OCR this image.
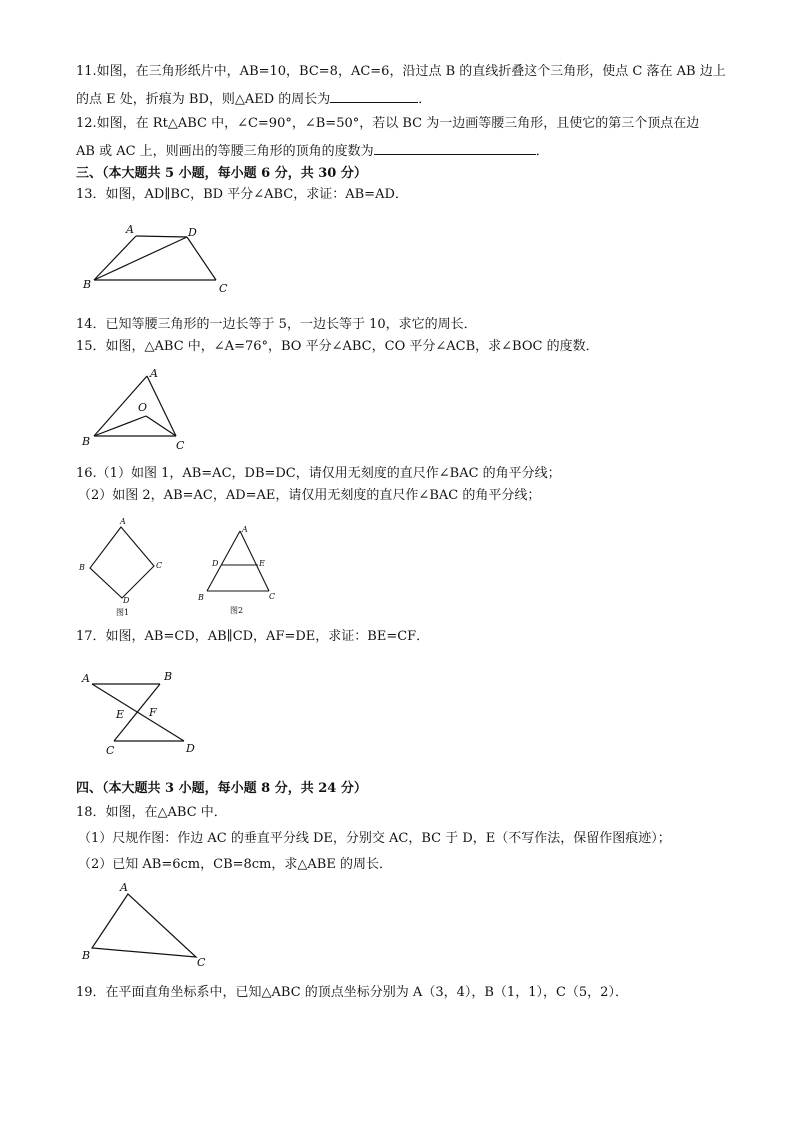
11.如图，在三角形纸片中，AB=10，BC=8，AC=6，沿过点 B 的直线折叠这个三角形，使点 C 落在 AB 边上
的点 E 处，折痕为 BD，则△AED 的周长为	．
12.如图，在 Rt△ABC 中，∠C=90°，∠B=50°，若以 BC 为一边画等腰三角形，且使它的第三个顶点在边
AB 或 AC 上，则画出的等腰三角形的顶角的度数为	．
三、（本大题共 5 小题，每小题 6 分，共 30 分）
13．如图，AD∥BC，BD 平分∠ABC，求证：AB=AD．
A	D
B	C
14．已知等腰三角形的一边长等于 5，一边长等于 10，求它的周长．
15．如图，△ABC 中，∠A=76°，BO 平分∠ABC，CO 平分∠ACB，求∠BOC 的度数．
A
O
B	C
16.（1）如图 1，AB=AC，DB=DC，请仅用无刻度的直尺作∠BAC 的角平分线；
（2）如图 2，AB=AC，AD=AE，请仅用无刻度的直尺作∠BAC 的角平分线；
A
B	C
D
图1
A
D	E
B	C
图2
17．如图，AB=CD，AB∥CD，AF=DE，求证：BE=CF．
A	B
E F
C	D
四、（本大题共 3 小题，每小题 8 分，共 24 分）
18．如图，在△ABC 中．
（1）尺规作图：作边 AC 的垂直平分线 DE，分别交 AC，BC 于 D，E（不写作法，保留作图痕迹）；
（2）已知 AB=6cm，CB=8cm，求△ABE 的周长．
A
B
C
19．在平面直角坐标系中，已知△ABC 的顶点坐标分别为 A（3，4），B（1，1），C（5，2）．
